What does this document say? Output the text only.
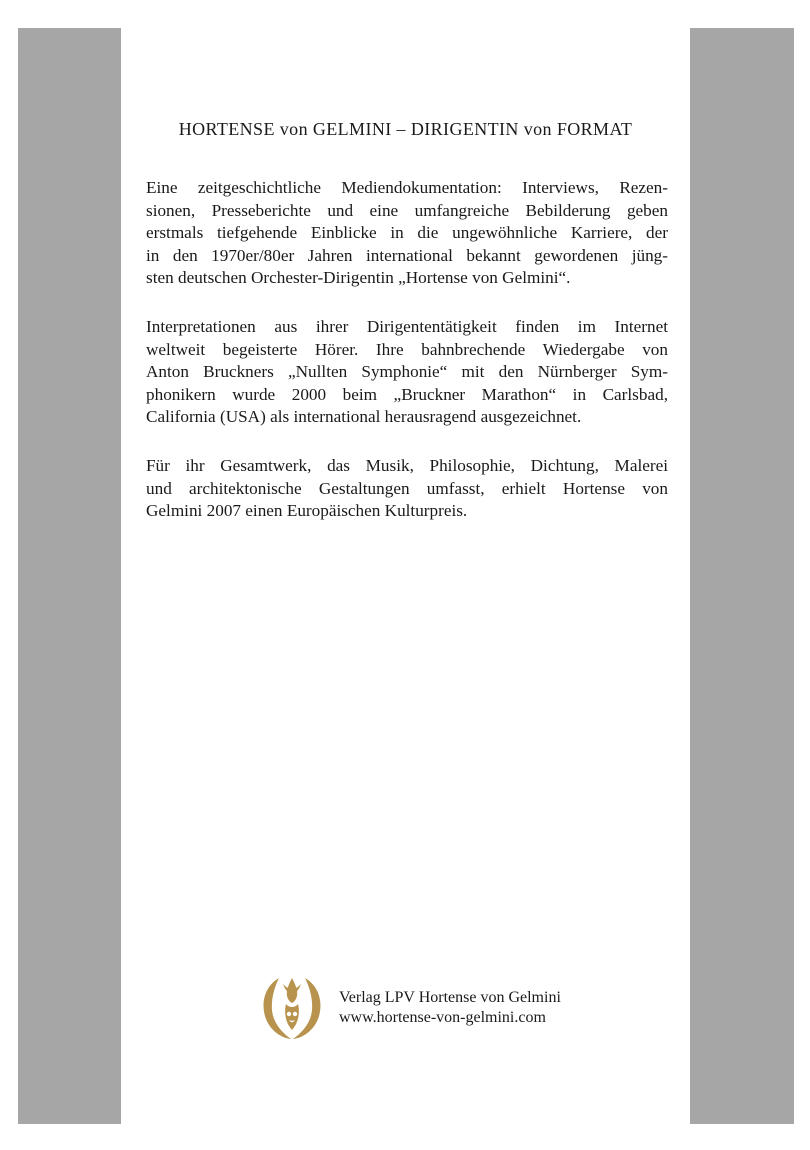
HORTENSE von GELMINI – DIRIGENTIN von FORMAT

Eine zeitgeschichtliche Mediendokumentation: Interviews, Rezen-
sionen, Presseberichte und eine umfangreiche Bebilderung geben
erstmals tiefgehende Einblicke in die ungewöhnliche Karriere, der
in den 1970er/80er Jahren international bekannt gewordenen jüng-
sten deutschen Orchester-Dirigentin „Hortense von Gelmini“.

Interpretationen aus ihrer Dirigententätigkeit finden im Internet
weltweit begeisterte Hörer. Ihre bahnbrechende Wiedergabe von
Anton Bruckners „Nullten Symphonie“ mit den Nürnberger Sym-
phonikern wurde 2000 beim „Bruckner Marathon“ in Carlsbad,
California (USA) als international herausragend ausgezeichnet.

Für ihr Gesamtwerk, das Musik, Philosophie, Dichtung, Malerei
und architektonische Gestaltungen umfasst, erhielt Hortense von
Gelmini 2007 einen Europäischen Kulturpreis.

Verlag LPV Hortense von Gelmini
www.hortense-von-gelmini.com
